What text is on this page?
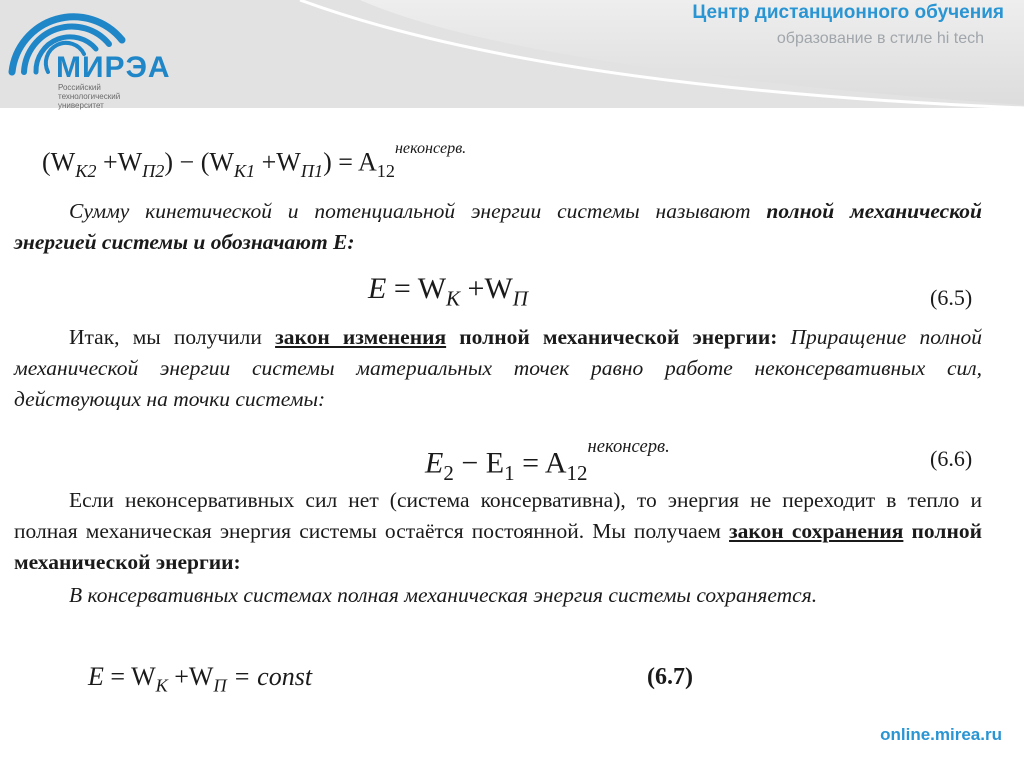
МИРЭА
Российский технологический университет
Центр дистанционного обучения
образование в стиле hi tech
$(W_{K2} +W_{П2}) - (W_{K1} +W_{П1}) = A_{12}^{неконсерв.}$
Сумму кинетической и потенциальной энергии системы называют полной механической энергией системы и обозначают Е:
$E = W_K +W_П$	(6.5)
Итак, мы получили закон изменения полной механической энергии: Приращение полной механической энергии системы материальных точек равно работе неконсервативных сил, действующих на точки системы:
$E_2 - E_1 = A_{12}^{неконсерв.}$	(6.6)
Если неконсервативных сил нет (система консервативна), то энергия не переходит в тепло и полная механическая энергия системы остаётся постоянной. Мы получаем закон сохранения полной механической энергии:
В консервативных системах полная механическая энергия системы сохраняется.
$E = W_K +W_П$ = const	(6.7)
online.mirea.ru
